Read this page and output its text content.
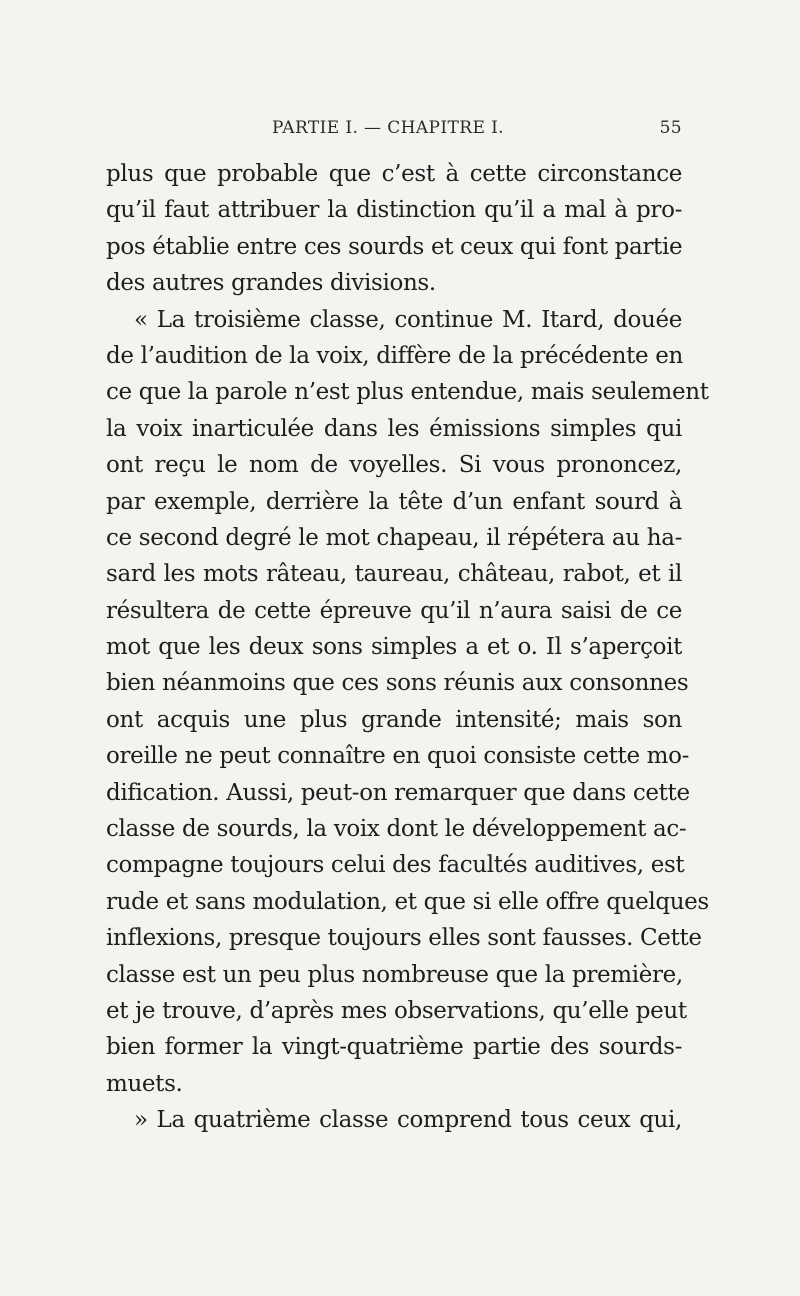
PARTIE I. — CHAPITRE I.	55
plus que probable que c’est à cette circonstance
qu’il faut attribuer la distinction qu’il a mal à pro-
pos établie entre ces sourds et ceux qui font partie
des autres grandes divisions.
« La troisième classe, continue M. Itard, douée
de l’audition de la voix, diffère de la précédente en
ce que la parole n’est plus entendue, mais seulement
la voix inarticulée dans les émissions simples qui
ont reçu le nom de voyelles. Si vous prononcez,
par exemple, derrière la tête d’un enfant sourd à
ce second degré le mot chapeau, il répétera au ha-
sard les mots râteau, taureau, château, rabot, et il
résultera de cette épreuve qu’il n’aura saisi de ce
mot que les deux sons simples a et o. Il s’aperçoit
bien néanmoins que ces sons réunis aux consonnes
ont acquis une plus grande intensité; mais son
oreille ne peut connaître en quoi consiste cette mo-
dification. Aussi, peut-on remarquer que dans cette
classe de sourds, la voix dont le développement ac-
compagne toujours celui des facultés auditives, est
rude et sans modulation, et que si elle offre quelques
inflexions, presque toujours elles sont fausses. Cette
classe est un peu plus nombreuse que la première,
et je trouve, d’après mes observations, qu’elle peut
bien former la vingt-quatrième partie des sourds-
muets.
» La quatrième classe comprend tous ceux qui,
